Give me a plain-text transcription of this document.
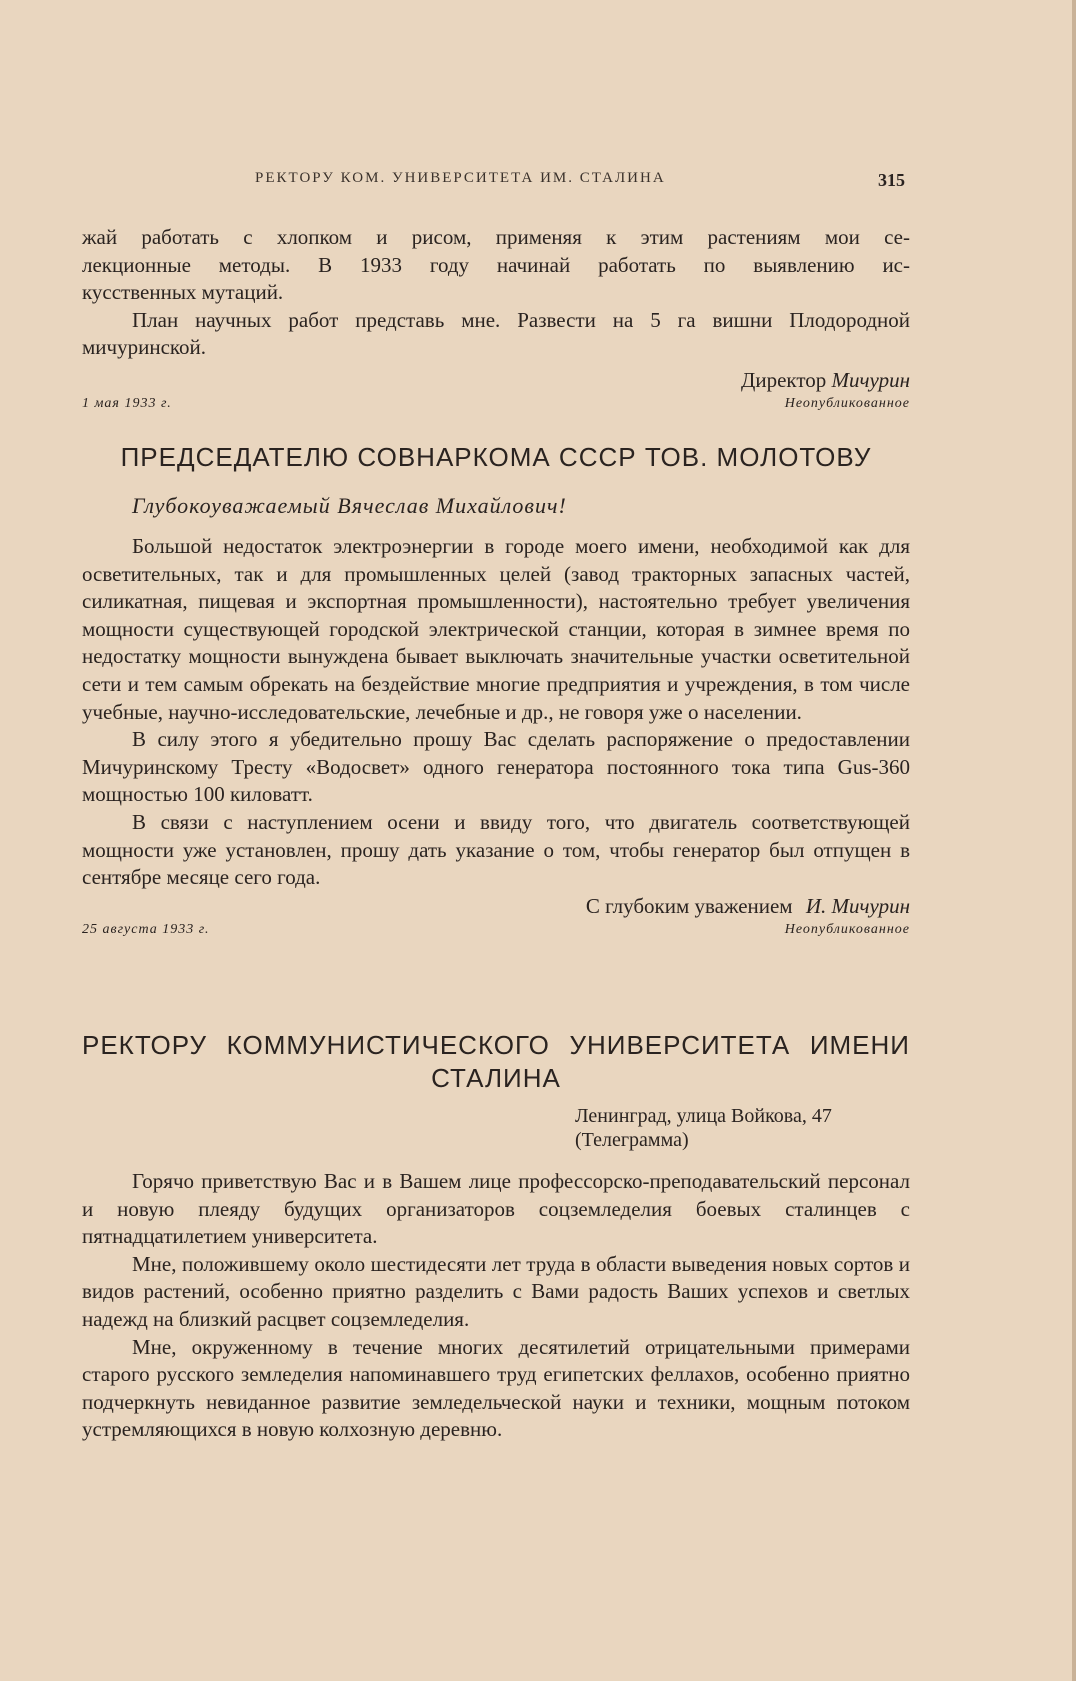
РЕКТОРУ КОМ. УНИВЕРСИТЕТА ИМ. СТАЛИНА	315

жай работать с хлопком и рисом, применяя к этим растениям мои се-

лекционные методы. В 1933 году начинай работать по выявлению ис-

кусственных мутаций.

План научных работ представь мне. Развести на 5 га вишни Плодородной мичуринской.

Директор Мичурин

1 мая 1933 г.	Неопубликованное
ПРЕДСЕДАТЕЛЮ СОВНАРКОМА СССР ТОВ. МОЛОТОВУ

Глубокоуважаемый Вячеслав Михайлович!

Большой недостаток электроэнергии в городе моего имени, необходимой как для осветительных, так и для промышленных целей (завод тракторных запасных частей, силикатная, пищевая и экспортная промышленности), настоятельно требует увеличения мощности существующей городской электрической станции, которая в зимнее время по недостатку мощности вынуждена бывает выключать значительные участки осветительной сети и тем самым обрекать на бездействие многие предприятия и учреждения, в том числе учебные, научно-исследовательские, лечебные и др., не говоря уже о населении.

В силу этого я убедительно прошу Вас сделать распоряжение о предоставлении Мичуринскому Тресту «Водосвет» одного генератора постоянного тока типа Gus-360 мощностью 100 киловатт.

В связи с наступлением осени и ввиду того, что двигатель соответствующей мощности уже установлен, прошу дать указание о том, чтобы генератор был отпущен в сентябре месяце сего года.

С глубоким уважением И. Мичурин

25 августа 1933 г.	Неопубликованное
РЕКТОРУ КОММУНИСТИЧЕСКОГО УНИВЕРСИТЕТА ИМЕНИ
СТАЛИНА

Ленинград, улица Войкова, 47

(Телеграмма)

Горячо приветствую Вас и в Вашем лице профессорско-преподавательский персонал и новую плеяду будущих организаторов соцземледелия боевых сталинцев с пятнадцатилетием университета.

Мне, положившему около шестидесяти лет труда в области выведения новых сортов и видов растений, особенно приятно разделить с Вами радость Ваших успехов и светлых надежд на близкий расцвет соцземледелия.

Мне, окруженному в течение многих десятилетий отрицательными примерами старого русского земледелия напоминавшего труд египетских феллахов, особенно приятно подчеркнуть невиданное развитие земледельческой науки и техники, мощным потоком устремляющихся в новую колхозную деревню.
